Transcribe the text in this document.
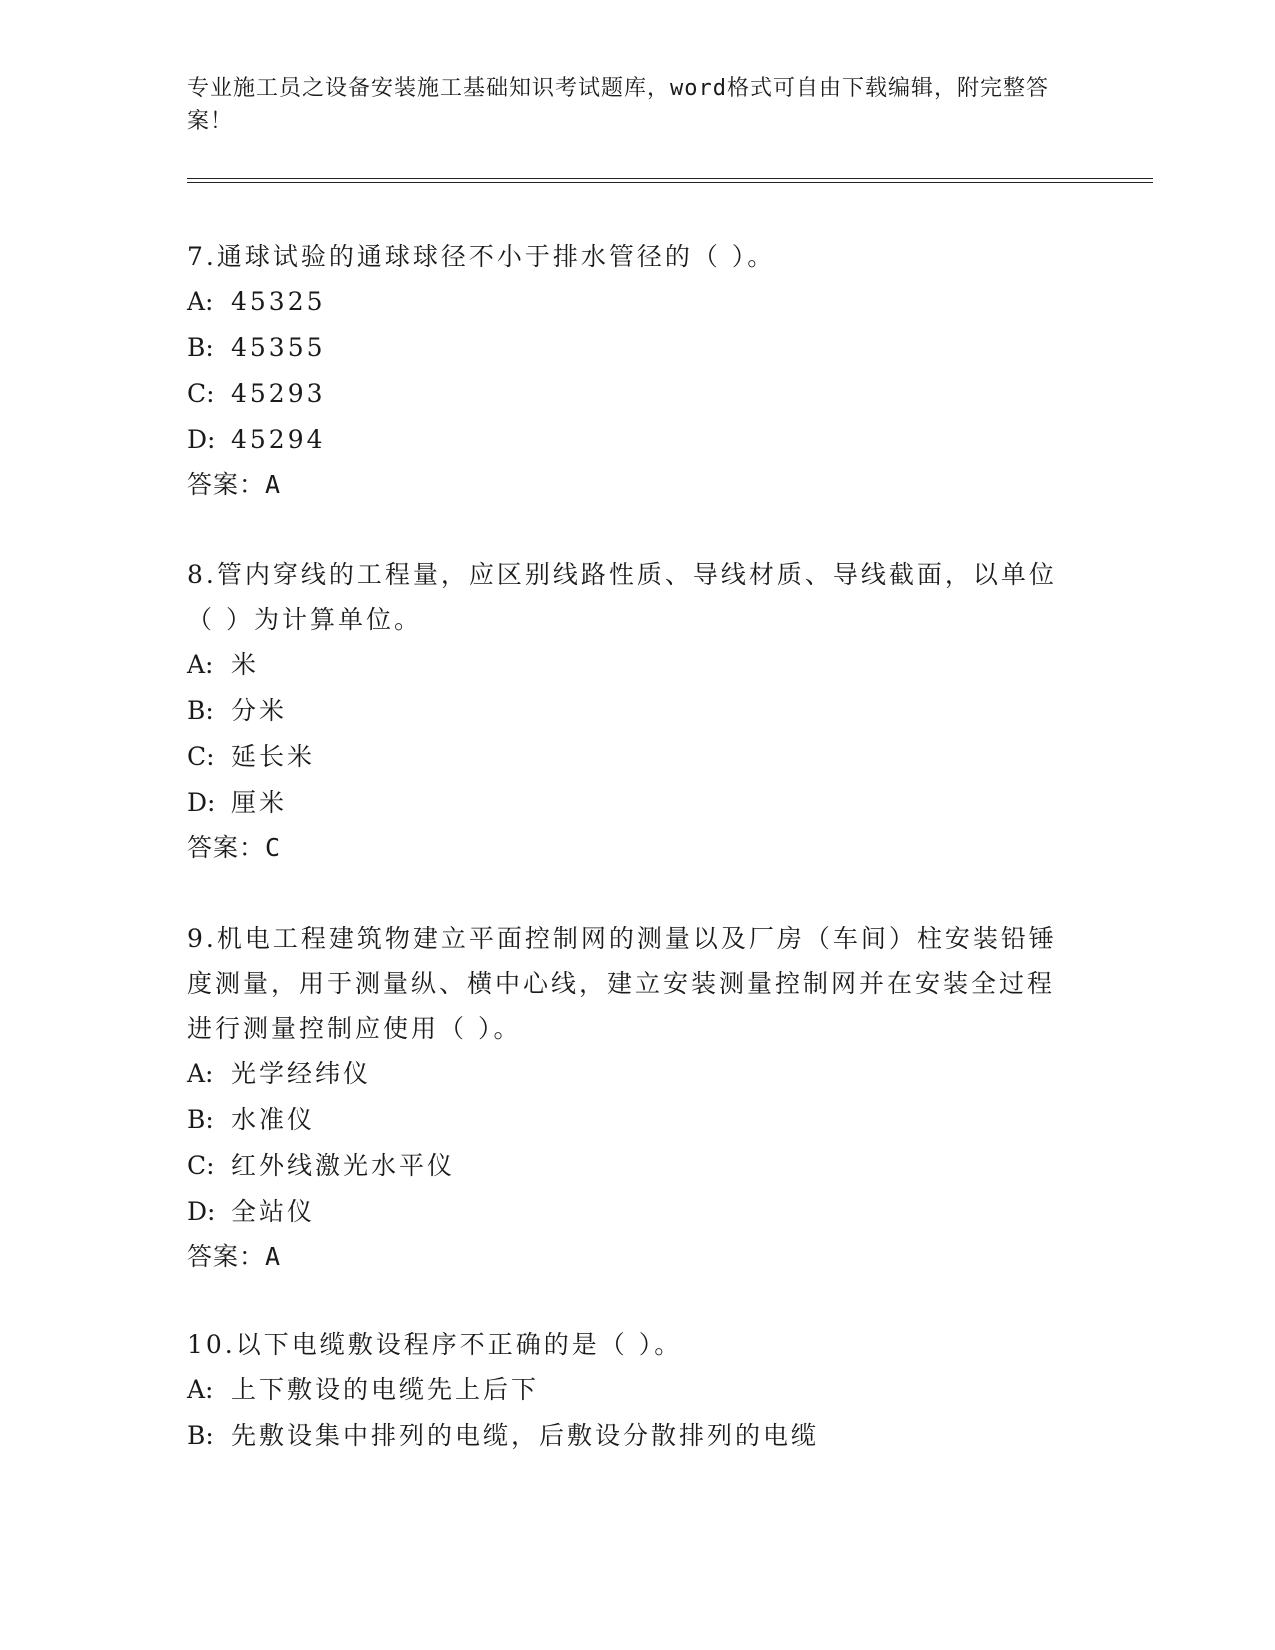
专业施工员之设备安装施工基础知识考试题库，word格式可自由下载编辑，附完整答案！

7.通球试验的通球球径不小于排水管径的（ ）。

A: 45325

B: 45355

C: 45293

D: 45294

答案：A

8.管内穿线的工程量，应区别线路性质、导线材质、导线截面，以单位（ ）为计算单位。

A: 米

B: 分米

C: 延长米

D: 厘米

答案：C

9.机电工程建筑物建立平面控制网的测量以及厂房（车间）柱安装铅锤度测量，用于测量纵、横中心线，建立安装测量控制网并在安装全过程进行测量控制应使用（ ）。

A: 光学经纬仪

B: 水准仪

C: 红外线激光水平仪

D: 全站仪

答案：A

10.以下电缆敷设程序不正确的是（ ）。

A: 上下敷设的电缆先上后下

B: 先敷设集中排列的电缆，后敷设分散排列的电缆
